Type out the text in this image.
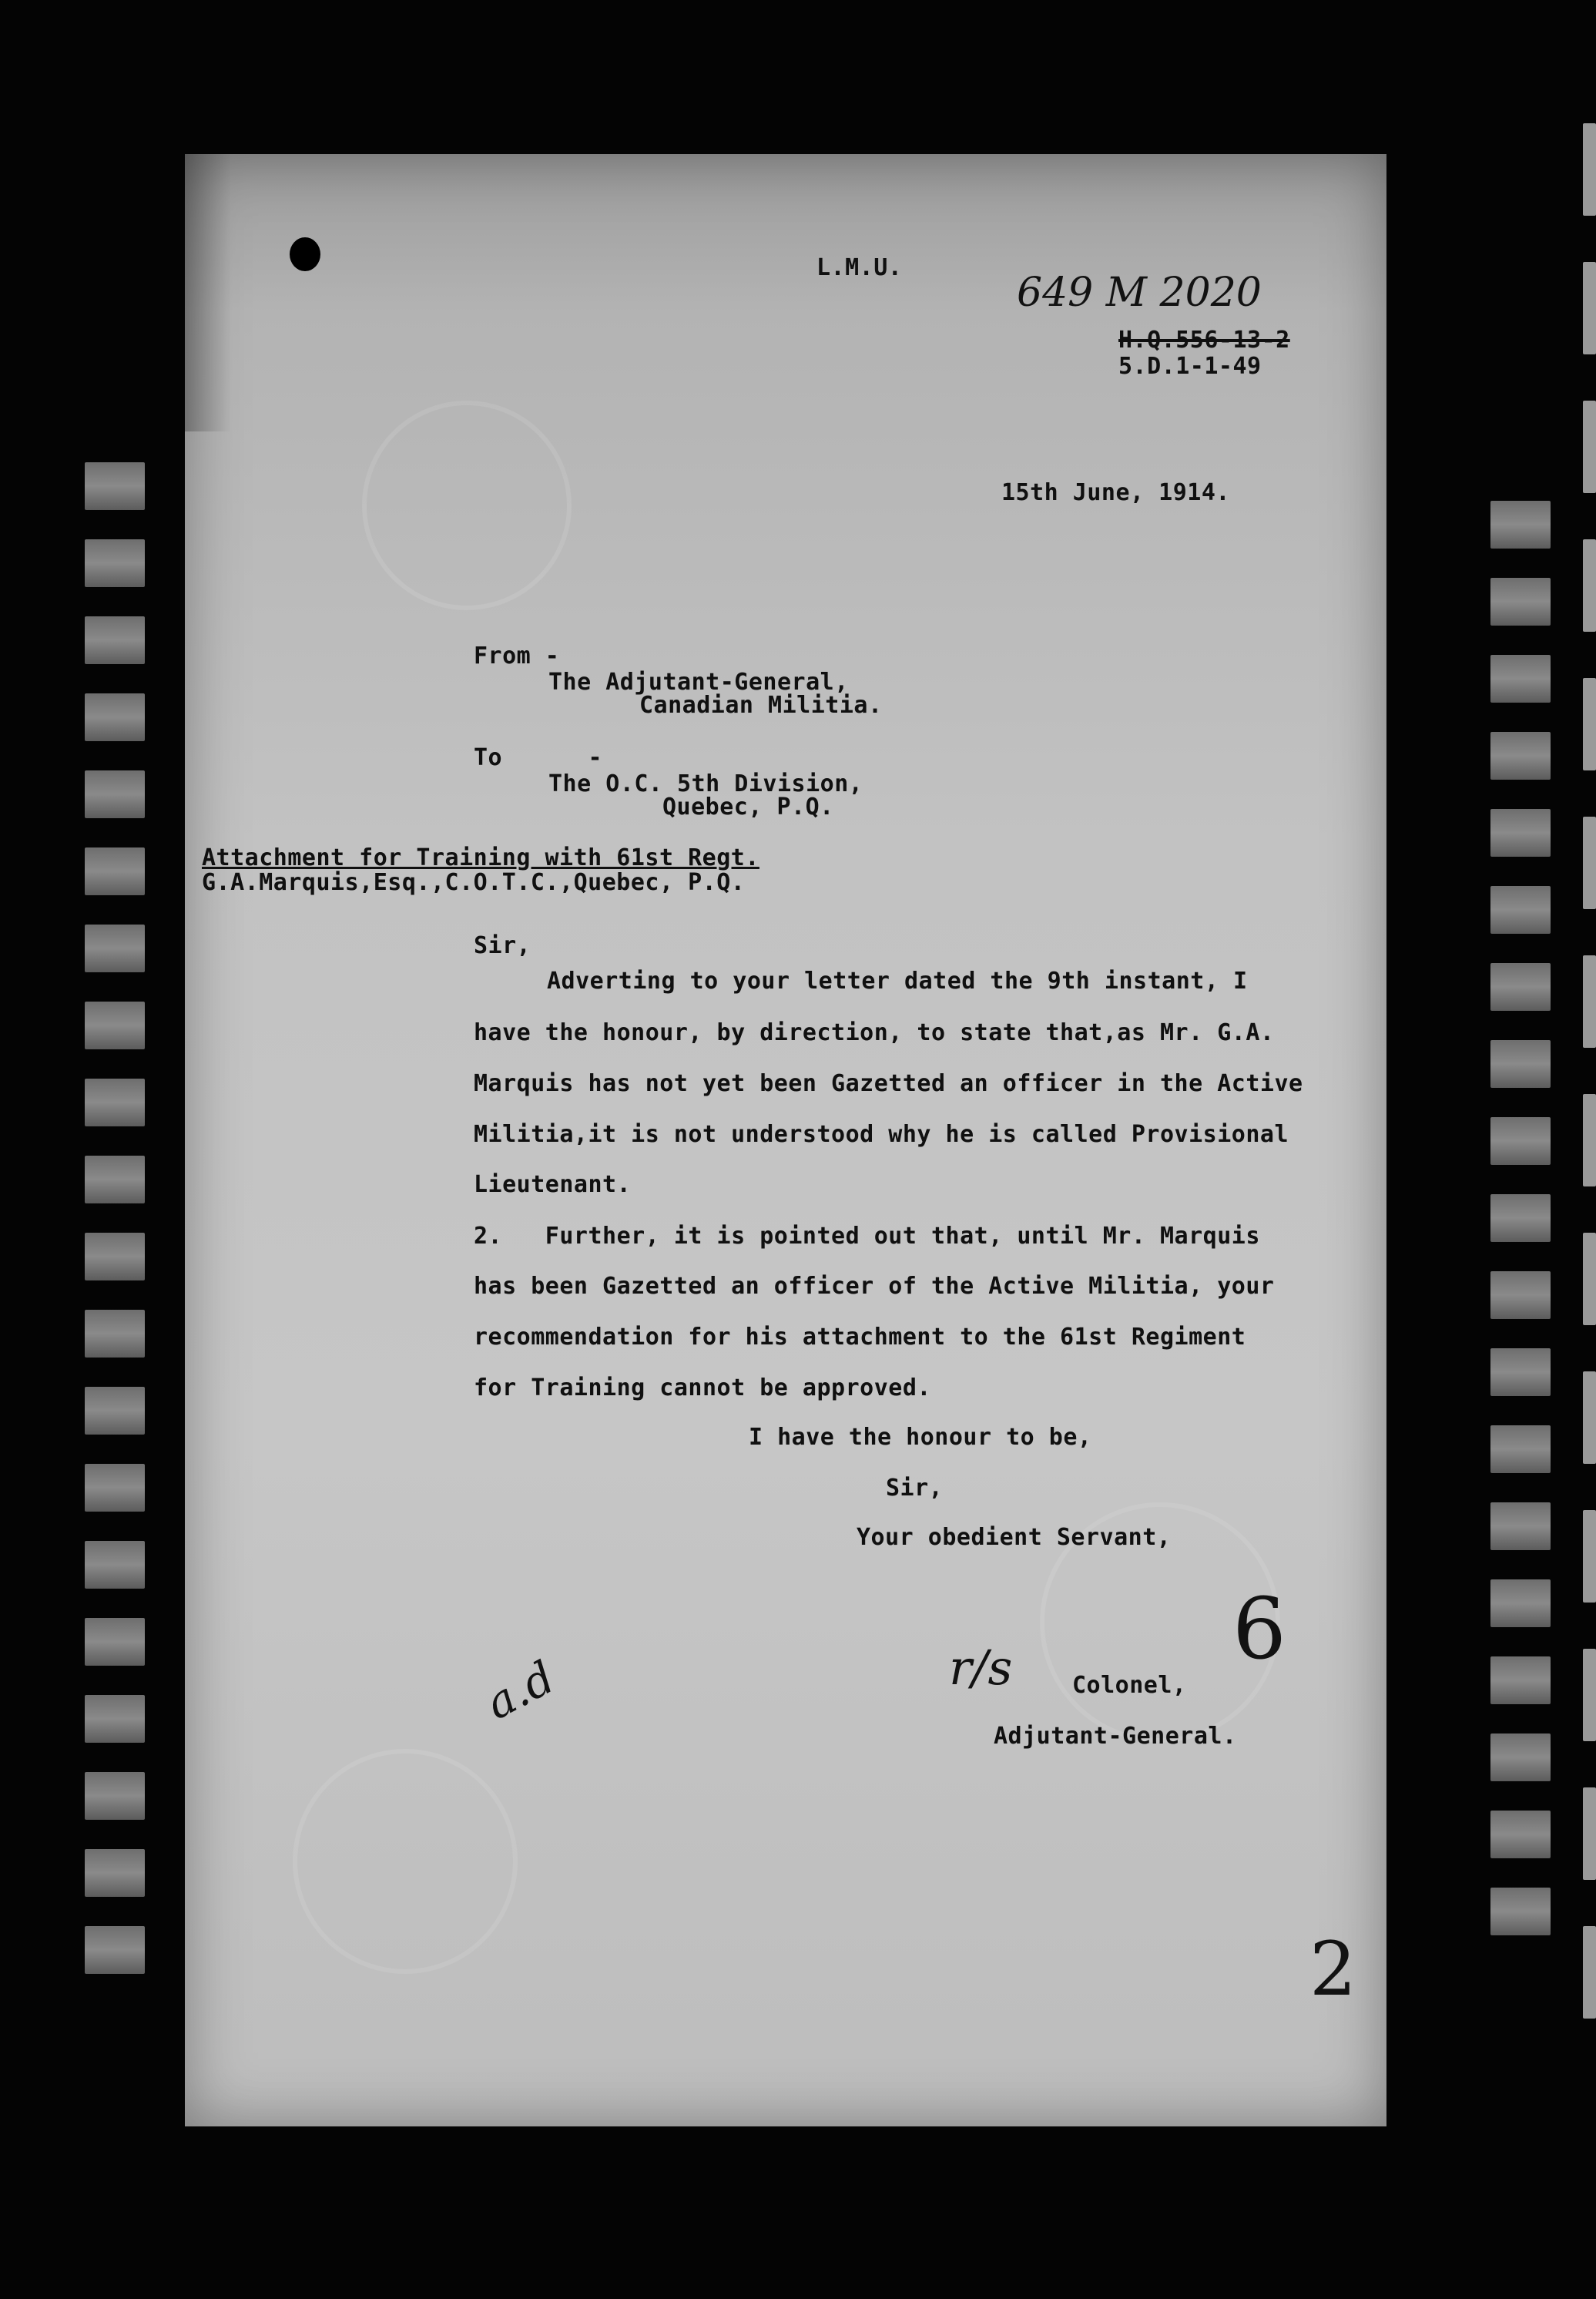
L.M.U.
649 M 2020
H.Q.556-13-2
5.D.1-1-49
15th June, 1914.
From -
The Adjutant-General,
Canadian Militia.
To      -
The O.C. 5th Division,
Quebec, P.Q.
Attachment for Training with 61st Regt.
G.A.Marquis,Esq.,C.O.T.C.,Quebec, P.Q.
Sir,
Adverting to your letter dated the 9th instant, I
have the honour, by direction, to state that,as Mr. G.A.
Marquis has not yet been Gazetted an officer in the Active
Militia,it is not understood why he is called Provisional
Lieutenant.
2.   Further, it is pointed out that, until Mr. Marquis
has been Gazetted an officer of the Active Militia, your
recommendation for his attachment to the 61st Regiment
for Training cannot be approved.
I have the honour to be,
Sir,
Your obedient Servant,
6
r/s	Colonel,
Adjutant-General.
a.d
2
